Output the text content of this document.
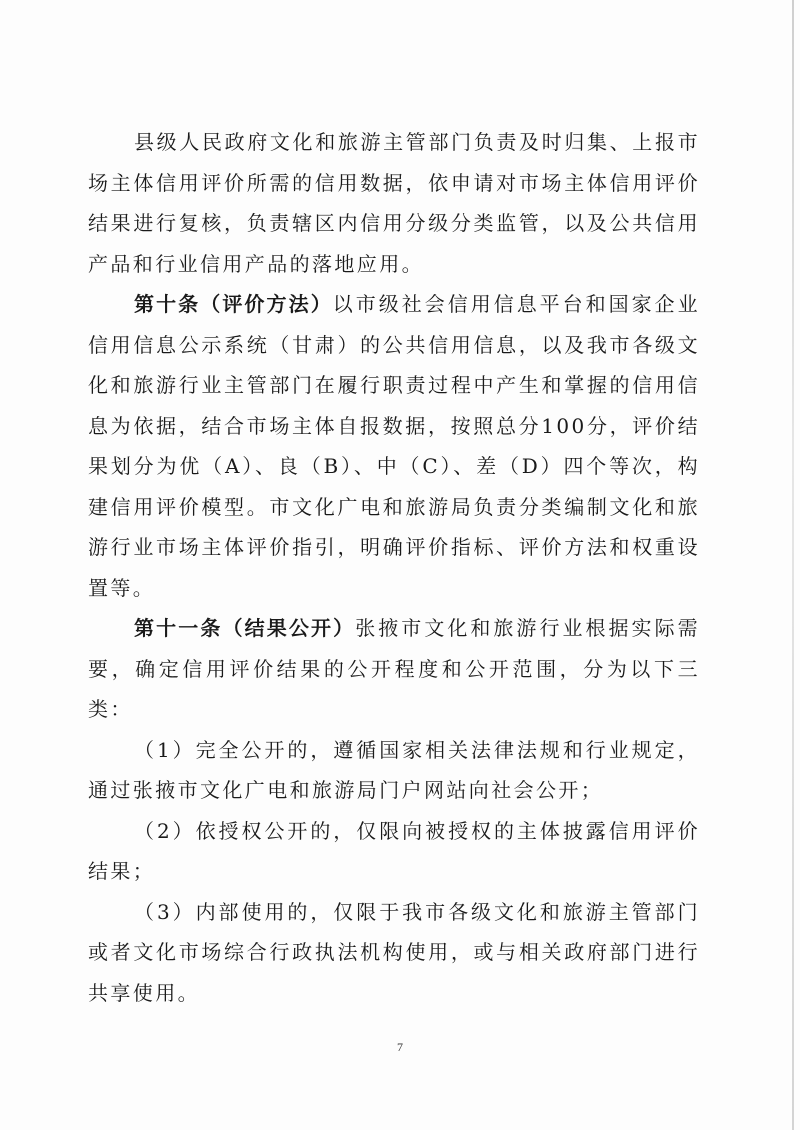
县级人民政府文化和旅游主管部门负责及时归集、上报市场主体信用评价所需的信用数据，依申请对市场主体信用评价结果进行复核，负责辖区内信用分级分类监管，以及公共信用产品和行业信用产品的落地应用。

第十条（评价方法）以市级社会信用信息平台和国家企业信用信息公示系统（甘肃）的公共信用信息，以及我市各级文化和旅游行业主管部门在履行职责过程中产生和掌握的信用信息为依据，结合市场主体自报数据，按照总分100分，评价结果划分为优（A）、良（B）、中（C）、差（D）四个等次，构建信用评价模型。市文化广电和旅游局负责分类编制文化和旅游行业市场主体评价指引，明确评价指标、评价方法和权重设置等。

第十一条（结果公开）张掖市文化和旅游行业根据实际需要，确定信用评价结果的公开程度和公开范围，分为以下三类：

（1）完全公开的，遵循国家相关法律法规和行业规定，通过张掖市文化广电和旅游局门户网站向社会公开；

（2）依授权公开的，仅限向被授权的主体披露信用评价结果；

（3）内部使用的，仅限于我市各级文化和旅游主管部门或者文化市场综合行政执法机构使用，或与相关政府部门进行共享使用。

7
